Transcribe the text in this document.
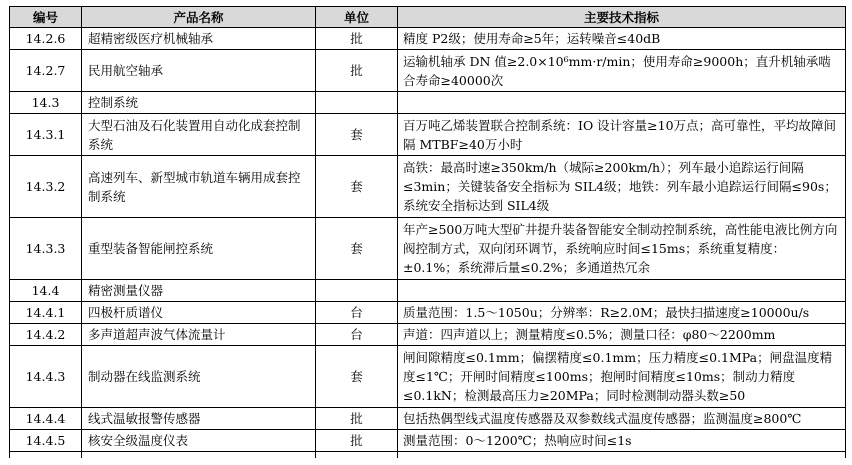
编号	产品名称	单位	主要技术指标
14.2.6	超精密级医疗机械轴承	批	精度 P2级；使用寿命≥5年；运转噪音≤40dB
14.2.7	民用航空轴承	批	运输机轴承 DN 值≥2.0×10⁶mm·r/min；使用寿命≥9000h；直升机轴承啮合寿命≥40000次
14.3	控制系统		
14.3.1	大型石油及石化装置用自动化成套控制系统	套	百万吨乙烯装置联合控制系统：IO 设计容量≥10万点；高可靠性，平均故障间隔 MTBF≥40万小时
14.3.2	高速列车、新型城市轨道车辆用成套控制系统	套	高铁：最高时速≥350km/h（城际≥200km/h）；列车最小追踪运行间隔≤3min；关键装备安全指标为 SIL4级；地铁：列车最小追踪运行间隔≤90s；系统安全指标达到 SIL4级
14.3.3	重型装备智能闸控系统	套	年产≥500万吨大型矿井提升装备智能安全制动控制系统，高性能电液比例方向阀控制方式，双向闭环调节，系统响应时间≤15ms；系统重复精度：±0.1%；系统滞后量≤0.2%；多通道热冗余
14.4	精密测量仪器		
14.4.1	四极杆质谱仪	台	质量范围：1.5～1050u；分辨率：R≥2.0M；最快扫描速度≥10000u/s
14.4.2	多声道超声波气体流量计	台	声道：四声道以上；测量精度≤0.5%；测量口径：φ80～2200mm
14.4.3	制动器在线监测系统	套	闸间隙精度≤0.1mm；偏摆精度≤0.1mm；压力精度≤0.1MPa；闸盘温度精度≤1℃；开闸时间精度≤100ms；抱闸时间精度≤10ms；制动力精度≤0.1kN；检测最高压力≥20MPa；同时检测制动器头数≥50
14.4.4	线式温敏报警传感器	批	包括热偶型线式温度传感器及双参数线式温度传感器；监测温度≥800℃
14.4.5	核安全级温度仪表	批	测量范围：0～1200℃；热响应时间≤1s
